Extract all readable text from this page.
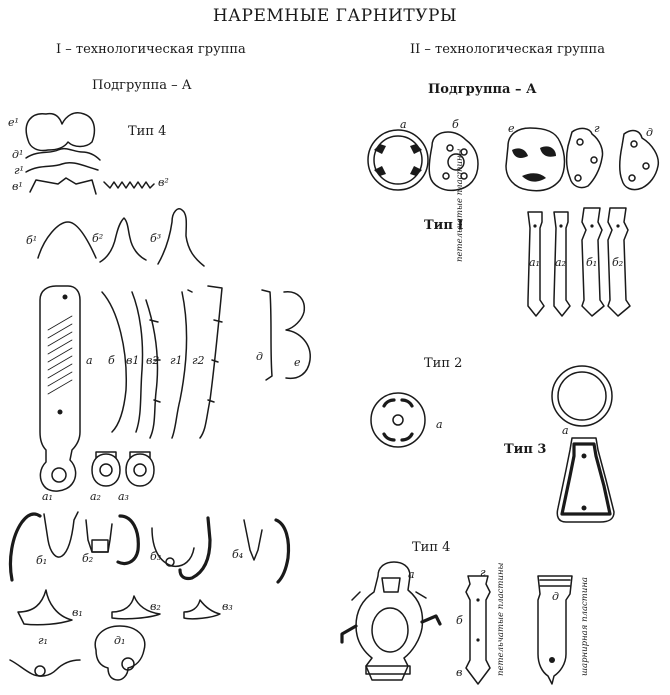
НАРЕМНЫЕ ГАРНИТУРЫ
I – технологическая группа
Подгруппа – А
Тип 4
II – технологическая группа
Подгруппа – А
Тип I
Тип 2
Тип 3
Тип 4
е¹
д¹
г¹
в¹	в²
б¹	б²	б³
а б в1 в2 г1 г2	д	е
а₁	а₂ а₃
б₁	б₂	б₃	б₄
в₁	в₂	в₃
г₁	д₁
а	б	е	г	д
а₁ а₂ б₁ б₂
петельчатые пластины
а	а
а	г
б
в
д
петельчатые пластины	шарнирная пластина
